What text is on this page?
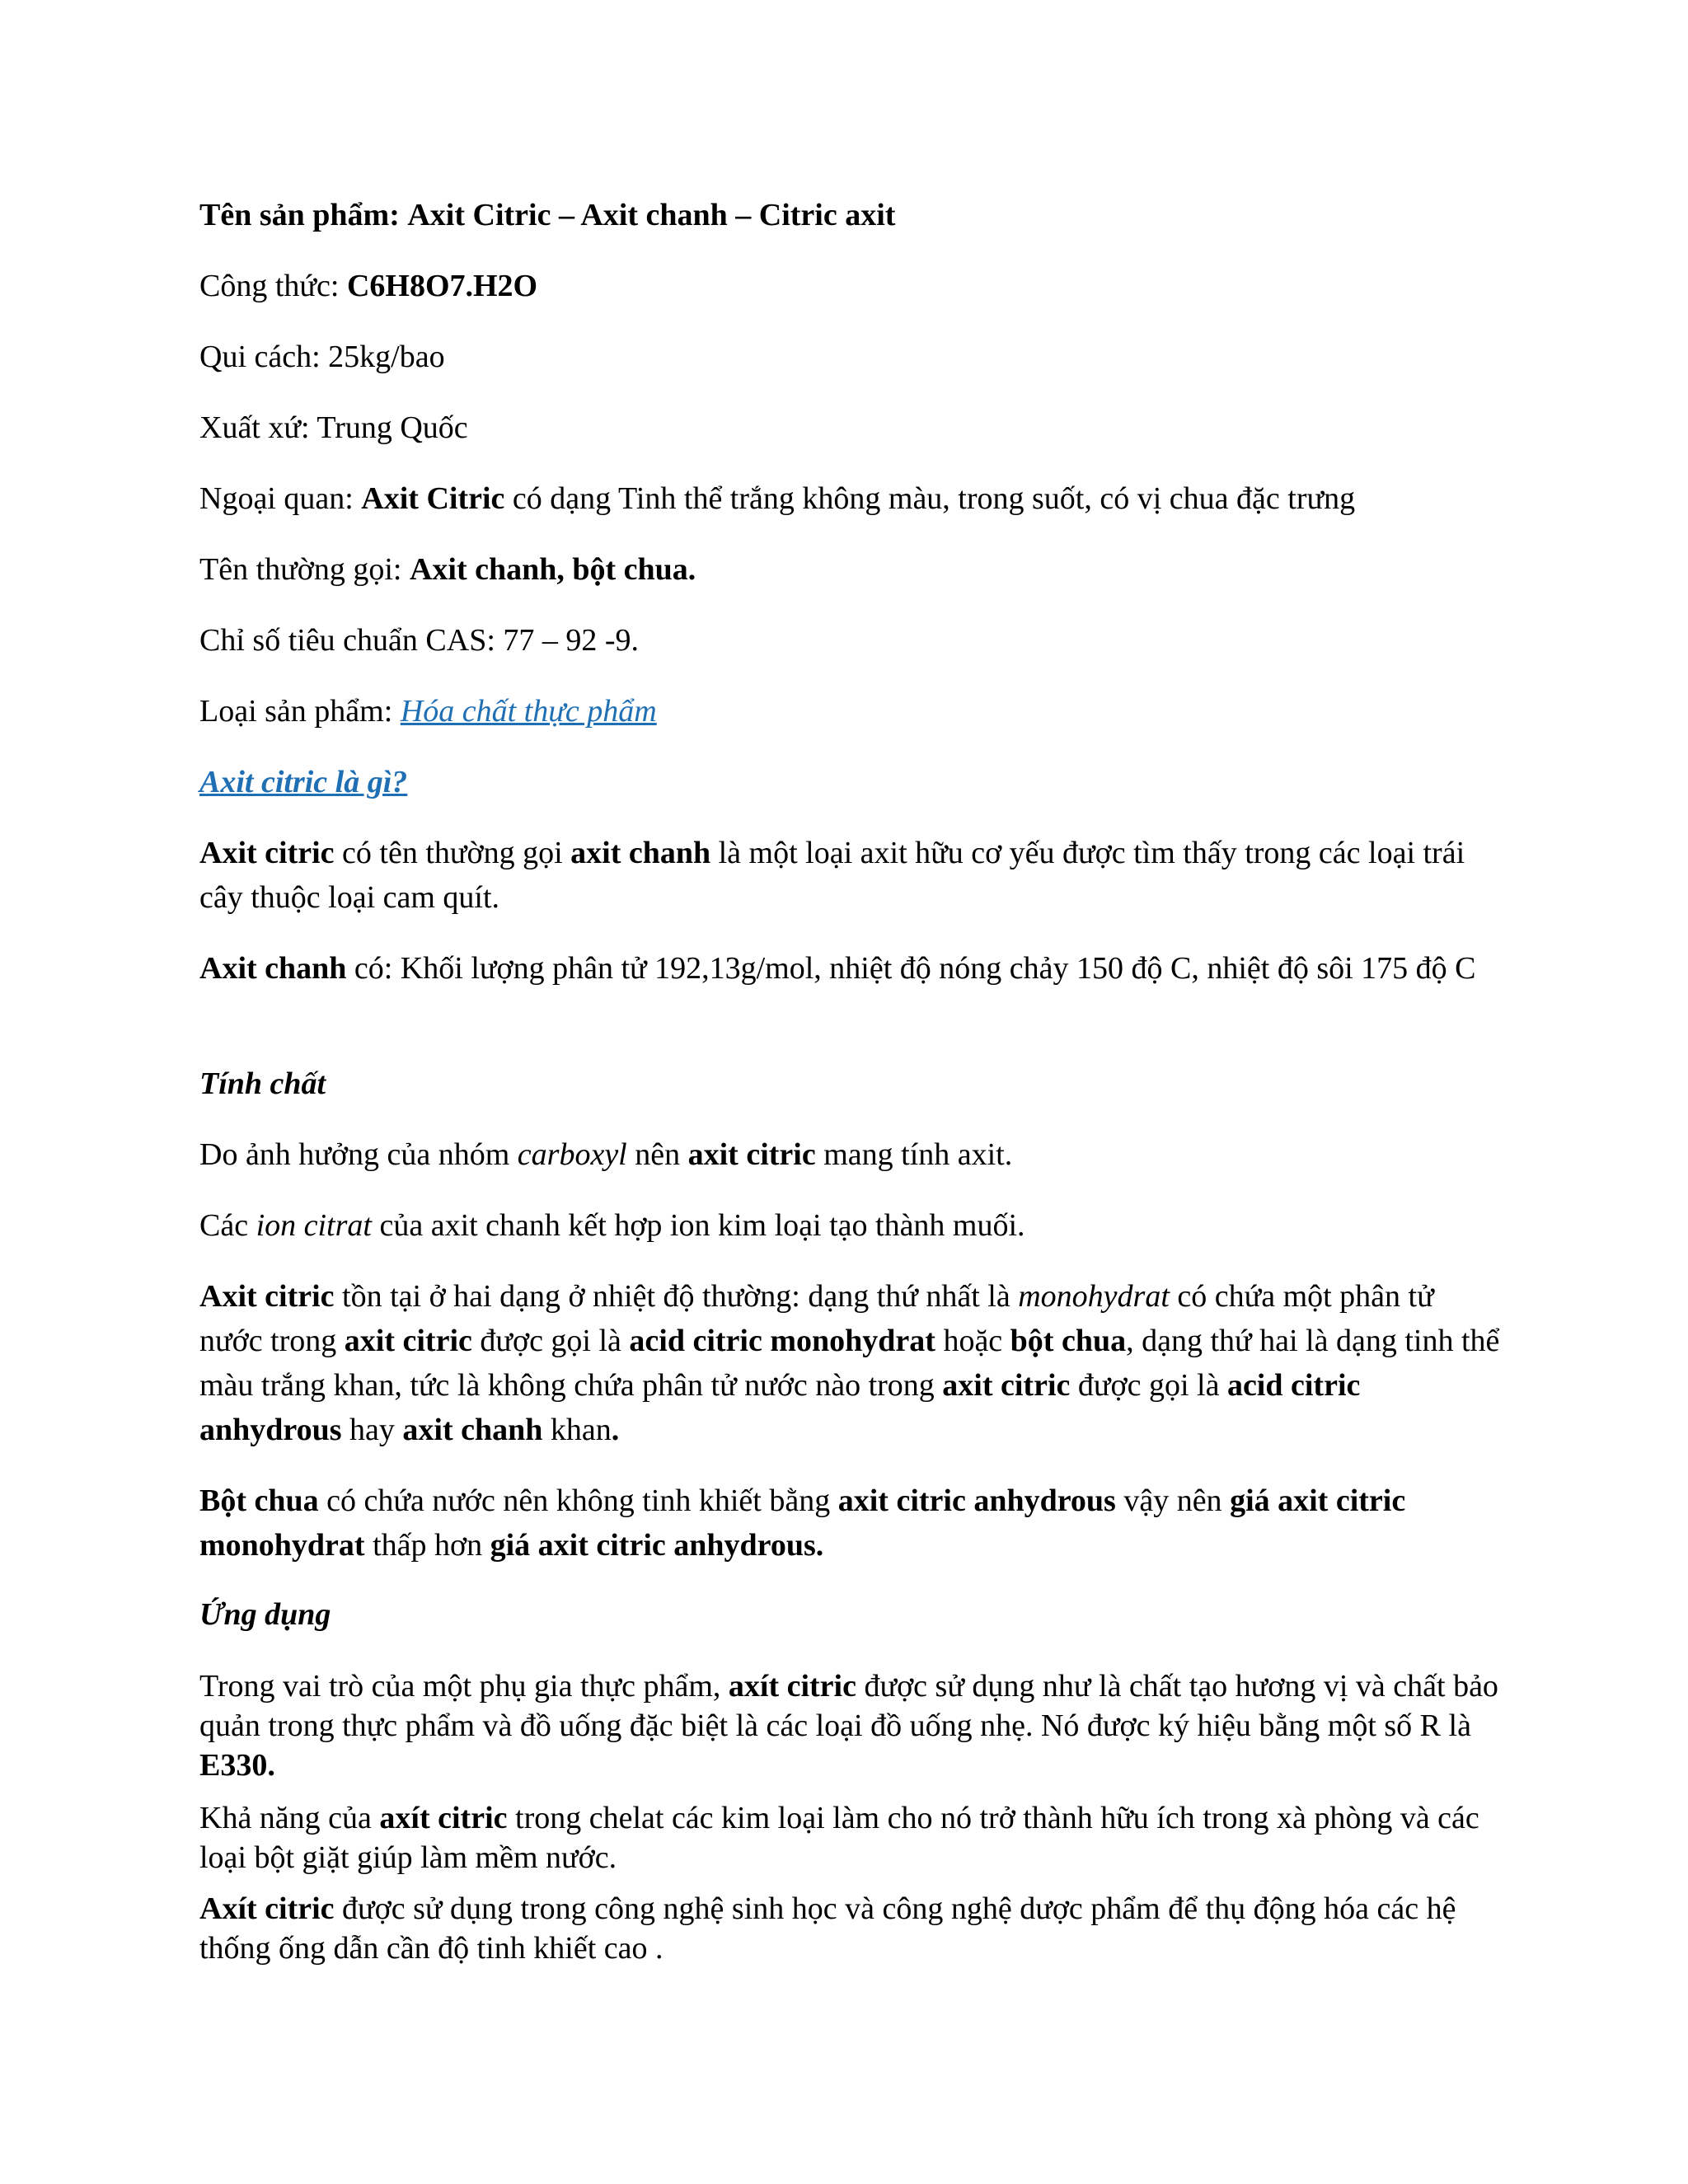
Tên sản phẩm: Axit Citric – Axit chanh – Citric axit
Công thức: C6H8O7.H2O
Qui cách: 25kg/bao
Xuất xứ: Trung Quốc
Ngoại quan: Axit Citric có dạng Tinh thể trắng không màu, trong suốt, có vị chua đặc trưng
Tên thường gọi: Axit chanh, bột chua.
Chỉ số tiêu chuẩn CAS: 77 – 92 -9.
Loại sản phẩm: Hóa chất thực phẩm
Axit citric là gì?
Axit citric có tên thường gọi axit chanh là một loại axit hữu cơ yếu được tìm thấy trong các loại trái cây thuộc loại cam quít.
Axit chanh có: Khối lượng phân tử 192,13g/mol, nhiệt độ nóng chảy 150 độ C, nhiệt độ sôi 175 độ C
Tính chất
Do ảnh hưởng của nhóm carboxyl nên axit citric mang tính axit.
Các ion citrat của axit chanh kết hợp ion kim loại tạo thành muối.
Axit citric tồn tại ở hai dạng ở nhiệt độ thường: dạng thứ nhất là monohydrat có chứa một phân tử nước trong axit citric được gọi là acid citric monohydrat hoặc bột chua, dạng thứ hai là dạng tinh thể màu trắng khan, tức là không chứa phân tử nước nào trong axit citric được gọi là acid citric anhydrous hay axit chanh khan.
Bột chua có chứa nước nên không tinh khiết bằng axit citric anhydrous vậy nên giá axit citric monohydrat thấp hơn giá axit citric anhydrous.
Ứng dụng
Trong vai trò của một phụ gia thực phẩm, axít citric được sử dụng như là chất tạo hương vị và chất bảo quản trong thực phẩm và đồ uống đặc biệt là các loại đồ uống nhẹ. Nó được ký hiệu bằng một số R là E330.
Khả năng của axít citric trong chelat các kim loại làm cho nó trở thành hữu ích trong xà phòng và các loại bột giặt giúp làm mềm nước.
Axít citric được sử dụng trong công nghệ sinh học và công nghệ dược phẩm để thụ động hóa các hệ thống ống dẫn cần độ tinh khiết cao .
